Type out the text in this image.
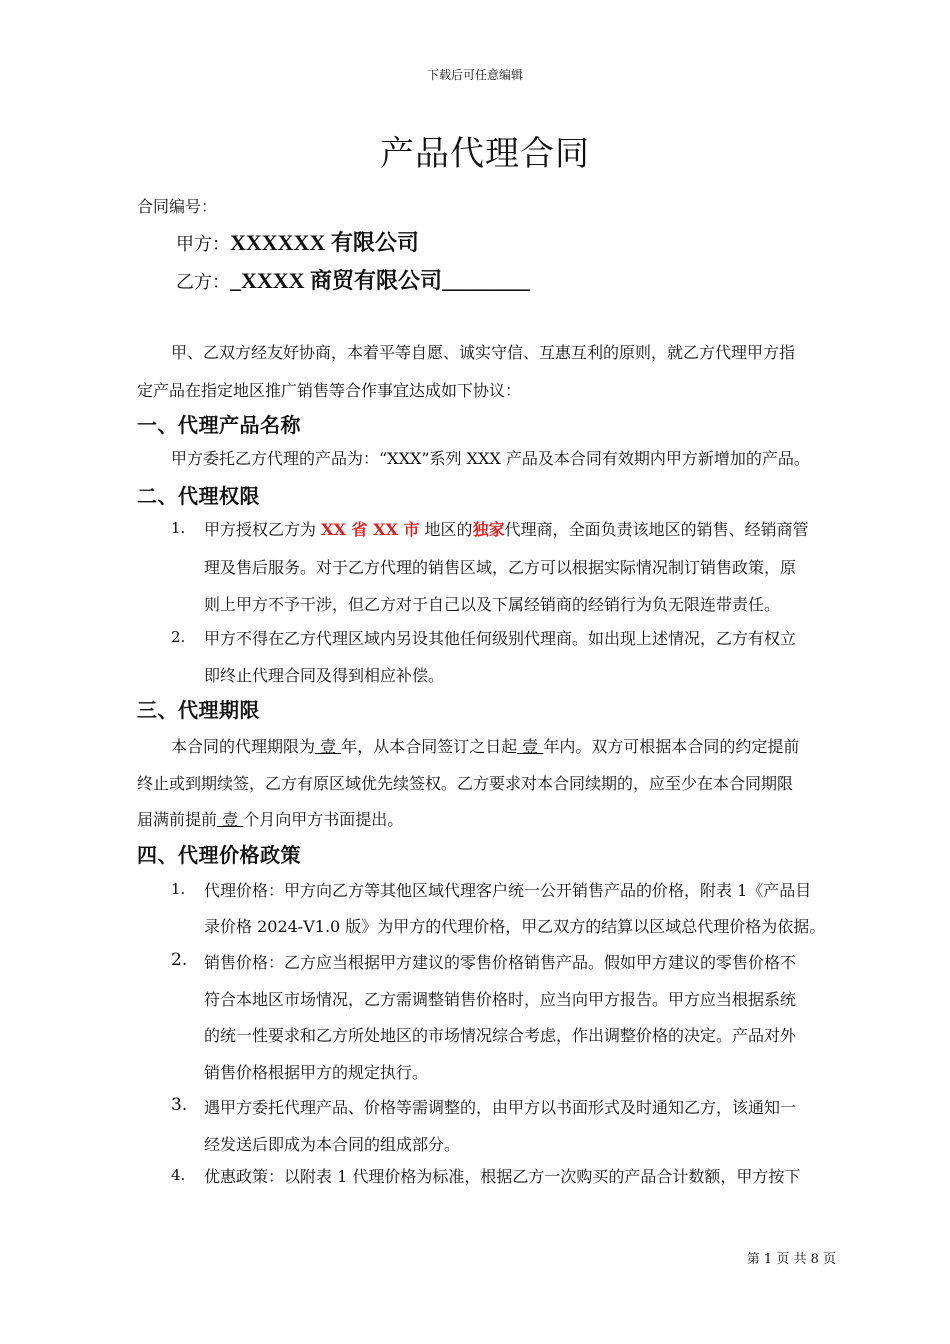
下载后可任意编辑
产品代理合同
合同编号：
甲方：XXXXXX 有限公司
乙方：_XXXX 商贸有限公司________
甲、乙双方经友好协商，本着平等自愿、诚实守信、互惠互利的原则，就乙方代理甲方指
定产品在指定地区推广销售等合作事宜达成如下协议：
一、代理产品名称
甲方委托乙方代理的产品为：“XXX”系列 XXX 产品及本合同有效期内甲方新增加的产品。
二、代理权限
1. 甲方授权乙方为 XX 省 XX 市 地区的独家代理商，全面负责该地区的销售、经销商管
理及售后服务。对于乙方代理的销售区域，乙方可以根据实际情况制订销售政策，原
则上甲方不予干涉，但乙方对于自己以及下属经销商的经销行为负无限连带责任。
2. 甲方不得在乙方代理区域内另设其他任何级别代理商。如出现上述情况，乙方有权立
即终止代理合同及得到相应补偿。
三、代理期限
本合同的代理期限为 壹 年，从本合同签订之日起 壹 年内。双方可根据本合同的约定提前
终止或到期续签，乙方有原区域优先续签权。乙方要求对本合同续期的，应至少在本合同期限
届满前提前 壹 个月向甲方书面提出。
四、代理价格政策
1. 代理价格：甲方向乙方等其他区域代理客户统一公开销售产品的价格，附表 1《产品目
录价格 2024-V1.0 版》为甲方的代理价格，甲乙双方的结算以区域总代理价格为依据。
2. 销售价格：乙方应当根据甲方建议的零售价格销售产品。假如甲方建议的零售价格不
符合本地区市场情况，乙方需调整销售价格时，应当向甲方报告。甲方应当根据系统
的统一性要求和乙方所处地区的市场情况综合考虑，作出调整价格的决定。产品对外
销售价格根据甲方的规定执行。
3. 遇甲方委托代理产品、价格等需调整的，由甲方以书面形式及时通知乙方，该通知一
经发送后即成为本合同的组成部分。
4. 优惠政策：以附表 1 代理价格为标准，根据乙方一次购买的产品合计数额，甲方按下
第 1 页 共 8 页
